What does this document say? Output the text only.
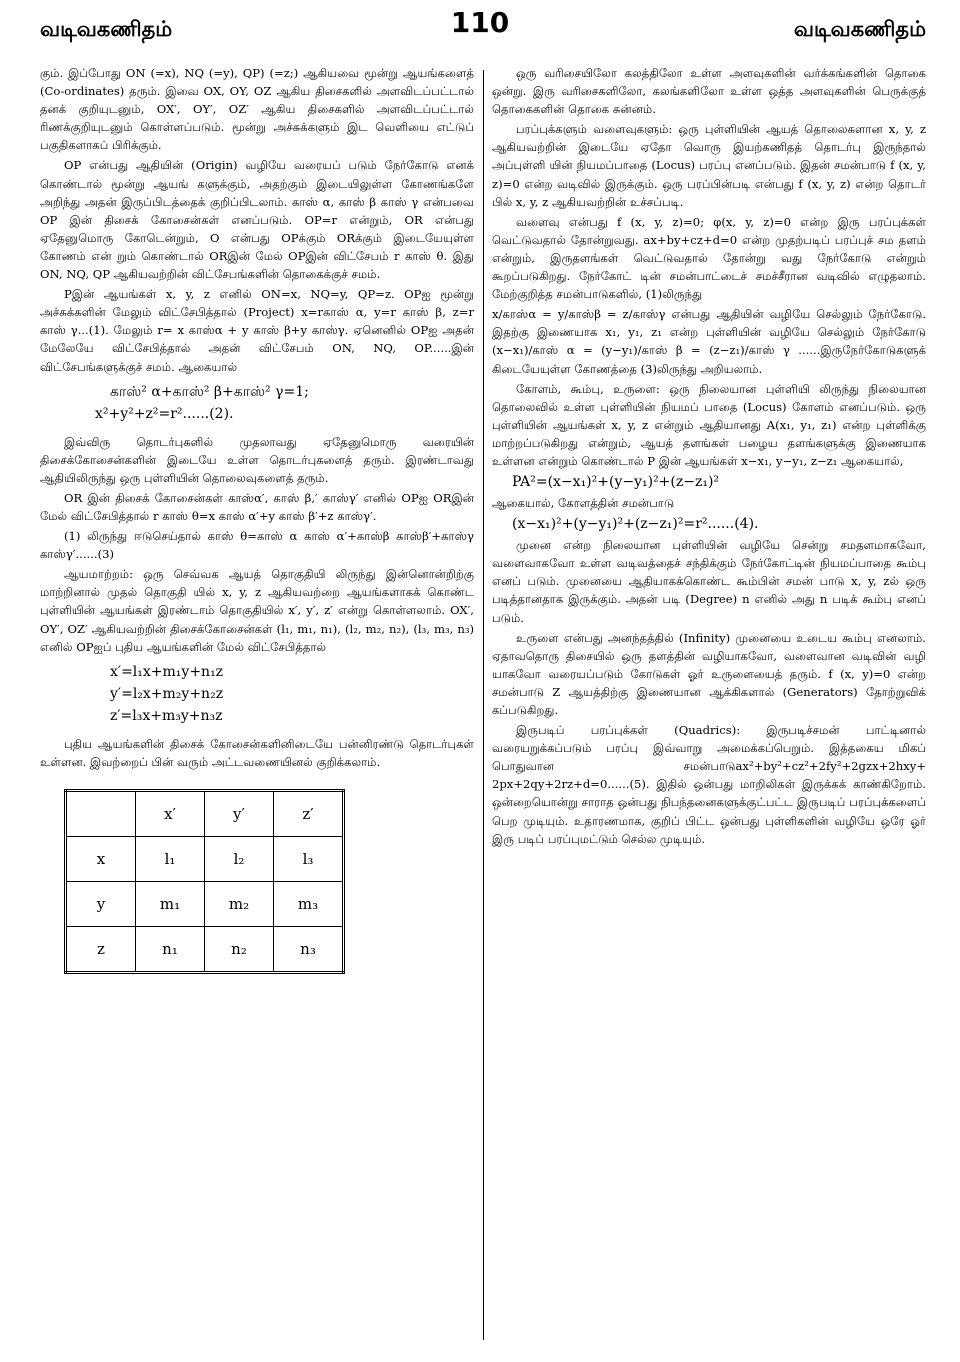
வடிவகணிதம்	வடிவகணிதம்
110

கும். இப்போது ON (=x), NQ (=y), QP) (=z;) ஆகியவை மூன்று ஆயங்களைத் (Co-ordinates) தரும். இவை OX, OY, OZ ஆகிய திசைகளில் அளவிடப்பட்டால் தனக் குறியுடனும், OX′, OY′, OZ′ ஆகிய திசைகளில் அளவிடப்பட்டால் ரிணக்குறியுடனும் கொள்ளப்படும். மூன்று அச்சுக்களும் இட வெளியை எட்டுப் பகுதிகளாகப் பிரிக்கும்.

OP என்பது ஆதியின் (Origin) வழியே வரையப் படும் நேர்கோடு எனக் கொண்டால் மூன்று ஆயங் களுக்கும், அதற்கும் இடையிலுள்ள கோணங்களே அறிந்து அதன் இருப்பிடத்தைக் குறிப்பிடலாம். காஸ் α, காஸ் β காஸ் γ என்பவை OP இன் திசைக் கோசைன்கள் எனப்படும். OP=r என்றும், OR என்பது ஏதேனுமொரு கோடென்றும், O என்பது OPக்கும் ORக்கும் இடையேயுள்ள கோணம் என் றும் கொண்டால் ORஇன் மேல் OPஇன் விட்சேபம் r காஸ் θ. இது ON, NQ, QP ஆகியவற்றின் விட்சேபங்களின் தொகைக்குச் சமம்.

Pஇன் ஆயங்கள் x, y, z எனில் ON=x, NQ=y, QP=z. OPஐ மூன்று அச்சுக்களின் மேலும் விட்சேபித்தால் (Project) x=rகாஸ் α, y=r காஸ் β, z=r காஸ் γ...(1). மேலும் r= x காஸ்α + y காஸ் β+y காஸ்γ. ஏனெனில் OPஐ அதன் மேலேயே விட்சேபித்தால் அதன் விட்சேபம் ON, NQ, OP......இன் விட்சேபங்களுக்குச் சமம். ஆகையால்

காஸ்² α+காஸ்² β+காஸ்² γ=1;
x²+y²+z²=r²......(2).

இவ்விரு தொடர்புகளில் முதலாவது ஏதேனுமொரு வரையின் திசைக்கோசைன்களின் இடையே உள்ள தொடர்புகளைத் தரும். இரண்டாவது ஆதியிலிருந்து ஒரு புள்ளியின் தொலைவுகளைத் தரும்.

OR இன் திசைக் கோசைன்கள் காஸ்α′, காஸ் β,′ காஸ்γ′ எனில் OPஐ ORஇன் மேல் விட்சேபித்தால் r காஸ் θ=x காஸ் α′+y காஸ் β′+z காஸ்γ′.

(1) லிருந்து ஈடுசெய்தால் காஸ் θ=காஸ் α காஸ் α′+காஸ்β காஸ்β′+காஸ்γ காஸ்γ′......(3)

ஆயமாற்றம்: ஒரு செவ்வக ஆயத் தொகுதியி லிருந்து இன்னொன்றிற்கு மாற்றினால் முதல் தொகுதி யில் x, y, z ஆகியவற்றை ஆயங்களாகக் கொண்ட புள்ளியின் ஆயங்கள் இரண்டாம் தொகுதியில் x′, y′, z′ என்று கொள்ளலாம். OX′, OY′, OZ′ ஆகியவற்றின் திசைக்கோசைன்கள் (l₁, m₁, n₁), (l₂, m₂, n₂), (l₃, m₃, n₃) எனில் OPஐப் புதிய ஆயங்களின் மேல் விட்சேபித்தால்

x′=l₁x+m₁y+n₁z
y′=l₂x+m₂y+n₂z
z′=l₃x+m₃y+n₃z

புதிய ஆயங்களின் திசைக் கோசைன்களினிடையே பன்னிரண்டு தொடர்புகள் உள்ளன. இவற்றைப் பின் வரும் அட்டவணையினல் குறிக்கலாம்.

	x′	y′	z′
x	l₁	l₂	l₃
y	m₁	m₂	m₃
z	n₁	n₂	n₃

ஒரு வரிசையிலோ கலத்திலோ உள்ள அளவுகளின் வர்க்கங்களின் தொகை ஒன்று. இரு வரிசைகளிலோ, கலங்களிலோ உள்ள ஒத்த அளவுகளின் பெருக்குத் தொகைகளின் தொகை சுன்னம்.

பரப்புக்களும் வளைவுகளும்: ஒரு புள்ளியின் ஆயத் தொலைகளான x, y, z ஆகியவற்றின் இடையே ஏதோ வொரு இயற்கணிதத் தொடர்பு இருந்தால் அப்புள்ளி யின் நியமப்பாதை (Locus) பரப்பு எனப்படும். இதன் சமன்பாடு f (x, y, z)=0 என்ற வடிவில் இருக்கும். ஒரு பரப்பின்படி என்பது f (x, y, z) என்ற தொடர் பில் x, y, z ஆகியவற்றின் உச்சப்படி.

வளைவு என்பது f (x, y, z)=0; φ(x, y, z)=0 என்ற இரு பரப்புக்கள் வெட்டுவதால் தோன்றுவது. ax+by+cz+d=0 என்ற முதற்படிப் பரப்புச் சம தளம் என்றும், இருதளங்கள் வெட்டுவதால் தோன்று வது நேர்கோடு என்றும் கூறப்படுகிறது. நேர்கோட் டின் சமன்பாட்டைச் சமச்சீரான வடிவில் எழுதலாம். மேற்குறித்த சமன்பாடுகளில், (1)லிருந்து

x/காஸ்α = y/காஸ்β = z/காஸ்γ என்பது ஆதியின் வழியே செல்லும் நேர்கோடு. இதற்கு இணையாக x₁, y₁, z₁ என்ற புள்ளியின் வழியே செல்லும் நேர்கோடு (x−x₁)/காஸ் α = (y−y₁)/காஸ் β = (z−z₁)/காஸ் γ ......இருநேர்கோடுகளுக் கிடையேயுள்ள கோணத்தை (3)லிருந்து அறியலாம்.

கோளம், கூம்பு, உருளை: ஒரு நிலையான புள்ளியி லிருந்து நிலையான தொலைவில் உள்ள புள்ளியின் நியமப் பாதை (Locus) கோளம் எனப்படும். ஒரு புள்ளியின் ஆயங்கள் x, y, z என்றும் ஆதியானது A(x₁, y₁, z₁) என்ற புள்ளிக்கு மாற்றப்படுகிறது என்றும், ஆயத் தளங்கள் பழைய தளங்களுக்கு இணையாக உள்ளன என்றும் கொண்டால் P இன் ஆயங்கள் x−x₁, y−y₁, z−z₁ ஆகையால்,

PA²=(x−x₁)²+(y−y₁)²+(z−z₁)²

ஆகையால், கோளத்தின் சமன்பாடு

(x−x₁)²+(y−y₁)²+(z−z₁)²=r²......(4).

முனை என்ற நிலையான புள்ளியின் வழியே சென்று சமதளமாகவோ, வளைவாகவோ உள்ள வடிவத்தைச் சந்திக்கும் நேர்கோட்டின் நியமப்பாதை கூம்பு எனப் படும். முனையை ஆதியாகக்கொண்ட கூம்பின் சமன் பாடு x, y, zல் ஒரு படித்தானதாக இருக்கும். அதன் படி (Degree) n எனில் அது n படிக் கூம்பு எனப் படும்.

உருளை என்பது அனந்தத்தில் (Infinity) முனையை உடைய கூம்பு எனலாம். ஏதாவதொரு திசையில் ஒரு தளத்தின் வழியாகவோ, வளைவான வடிவின் வழி யாகவோ வரையப்படும் கோடுகள் ஓர் உருளையைத் தரும். f (x, y)=0 என்ற சமன்பாடு Z ஆயத்திற்கு இணையான ஆக்கிகளால் (Generators) தோற்றுவிக் கப்படுகிறது.

இருபடிப் பரப்புக்கள் (Quadrics): இருபடிச்சமன் பாட்டினால் வரையறுக்கப்படும் பரப்பு இவ்வாறு அமைக்கப்பெறும். இத்தகைய மிகப் பொதுவான சமன்பாடுax²+by²+cz²+2fy²+2gzx+2hxy+ 2px+2qy+2rz+d=0......(5). இதில் ஒன்பது மாறிலிகள் இருக்கக் காண்கிறோம். ஒன்றையொன்று சாராத ஒன்பது நிபந்தனைகளுக்குட்பட்ட இருபடிப் பரப்புக்களைப் பெற முடியும். உதாரணமாக, குறிப் பிட்ட ஒன்பது புள்ளிகளின் வழியே ஒரே ஓர் இரு படிப் பரப்புமட்டும் செல்ல முடியும்.
